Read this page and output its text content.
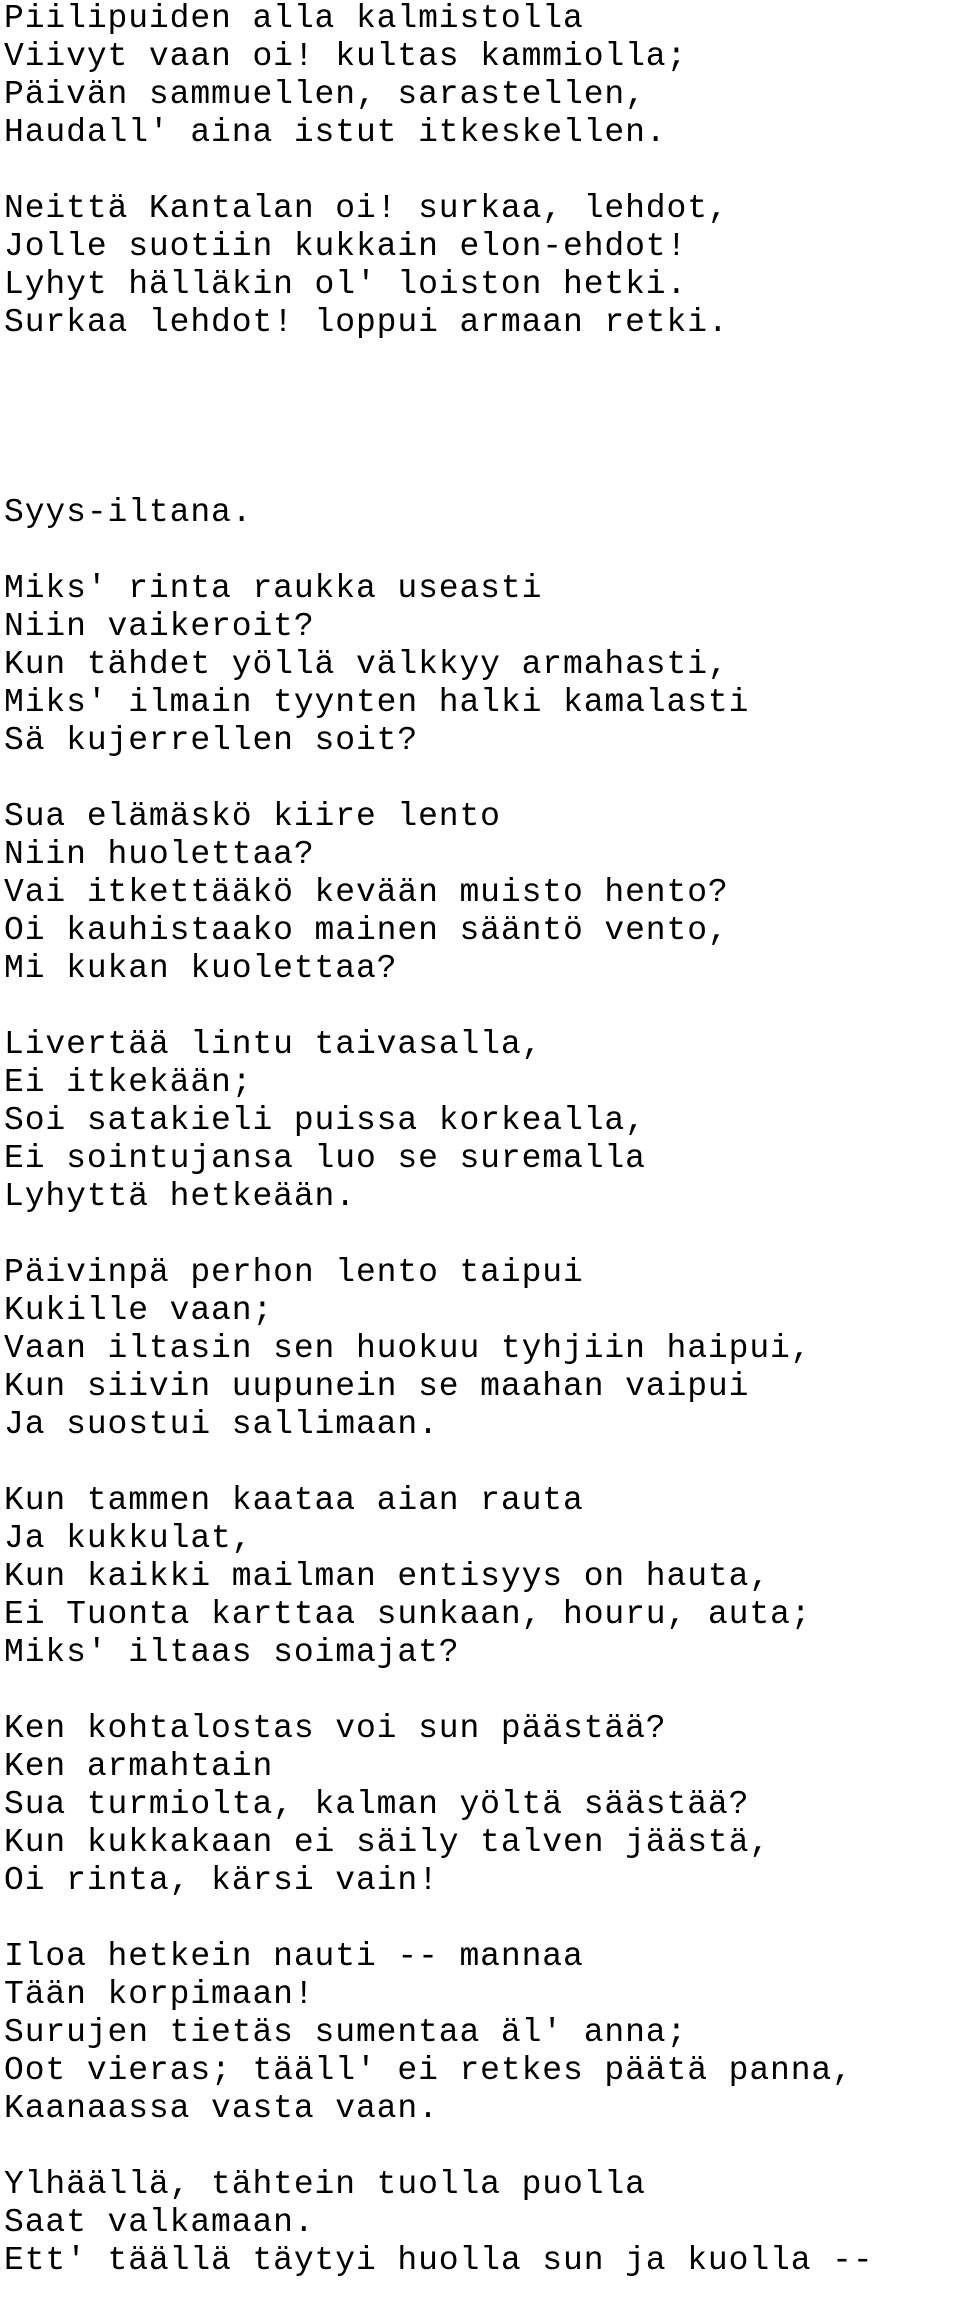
Piilipuiden alla kalmistolla
Viivyt vaan oi! kultas kammiolla;
Päivän sammuellen, sarastellen,
Haudall' aina istut itkeskellen.
Neittä Kantalan oi! surkaa, lehdot,
Jolle suotiin kukkain elon-ehdot!
Lyhyt hälläkin ol' loiston hetki.
Surkaa lehdot! loppui armaan retki.
Syys-iltana.
Miks' rinta raukka useasti
Niin vaikeroit?
Kun tähdet yöllä välkkyy armahasti,
Miks' ilmain tyynten halki kamalasti
Sä kujerrellen soit?
Sua elämäskö kiire lento
Niin huolettaa?
Vai itkettääkö kevään muisto hento?
Oi kauhistaako mainen sääntö vento,
Mi kukan kuolettaa?
Livertää lintu taivasalla,
Ei itkekään;
Soi satakieli puissa korkealla,
Ei sointujansa luo se suremalla
Lyhyttä hetkeään.
Päivinpä perhon lento taipui
Kukille vaan;
Vaan iltasin sen huokuu tyhjiin haipui,
Kun siivin uupunein se maahan vaipui
Ja suostui sallimaan.
Kun tammen kaataa aian rauta
Ja kukkulat,
Kun kaikki mailman entisyys on hauta,
Ei Tuonta karttaa sunkaan, houru, auta;
Miks' iltaas soimajat?
Ken kohtalostas voi sun päästää?
Ken armahtain
Sua turmiolta, kalman yöltä säästää?
Kun kukkakaan ei säily talven jäästä,
Oi rinta, kärsi vain!
Iloa hetkein nauti -- mannaa
Tään korpimaan!
Surujen tietäs sumentaa äl' anna;
Oot vieras; tääll' ei retkes päätä panna,
Kaanaassa vasta vaan.
Ylhäällä, tähtein tuolla puolla
Saat valkamaan.
Ett' täällä täytyi huolla sun ja kuolla --
